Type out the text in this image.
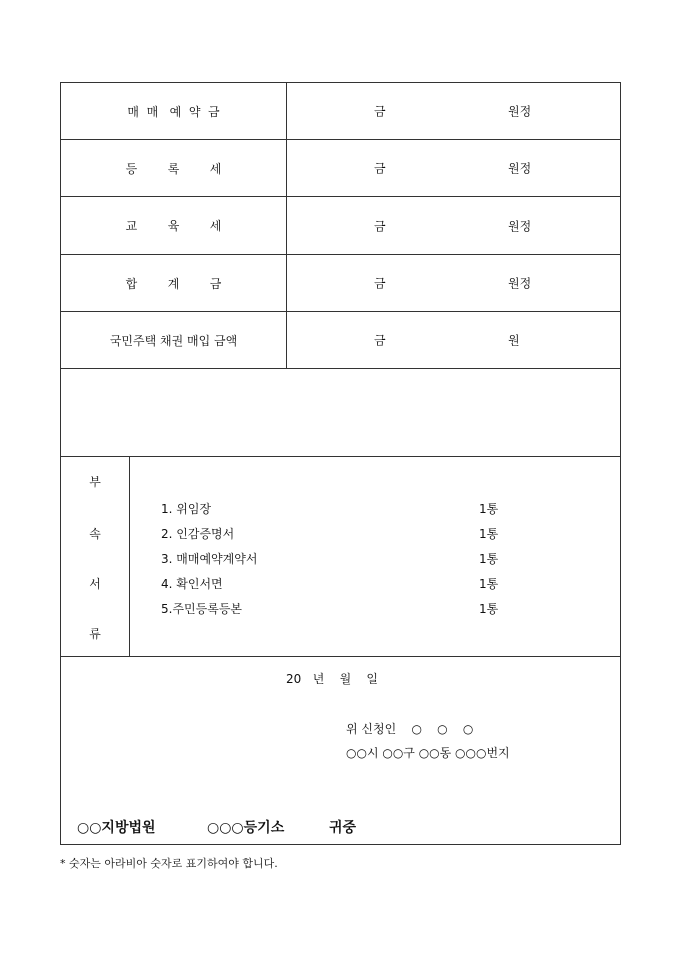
매  매   예  약  금	금	원정
등        록        세	금	원정
교        육        세	금	원정
합        계        금	금	원정
국민주택 채권 매입 금액	금	원
부
속
서
류
1. 위임장	1통
2. 인감증명서	1통
3. 매매예약계약서	1통
4. 확인서면	1통
5.주민등록등본	1통
20   년    월    일
위 신청인    ○    ○    ○
○○시 ○○구 ○○동 ○○○번지
○○지방법원	○○○등기소	귀중
* 숫자는 아라비아 숫자로 표기하여야 합니다.
